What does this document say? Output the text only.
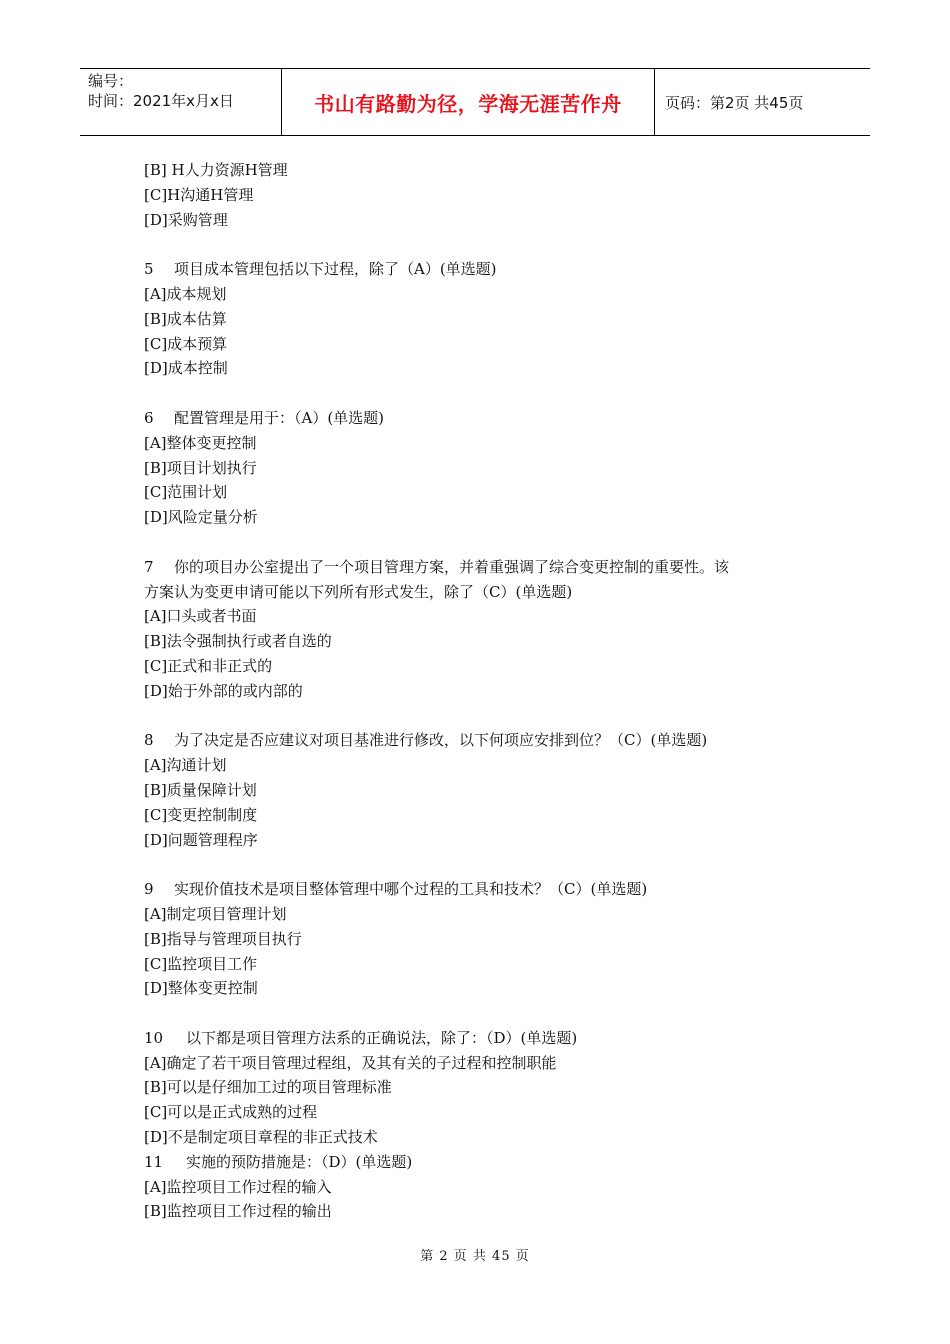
编号：
时间：2021年x月x日	书山有路勤为径，学海无涯苦作舟	页码：第2页 共45页
[B] H人力资源H管理
[C]H沟通H管理
[D]采购管理
5 项目成本管理包括以下过程，除了（A）(单选题)
[A]成本规划
[B]成本估算
[C]成本预算
[D]成本控制
6 配置管理是用于：（A）(单选题)
[A]整体变更控制
[B]项目计划执行
[C]范围计划
[D]风险定量分析
7 你的项目办公室提出了一个项目管理方案，并着重强调了综合变更控制的重要性。该
方案认为变更申请可能以下列所有形式发生，除了（C）(单选题)
[A]口头或者书面
[B]法令强制执行或者自选的
[C]正式和非正式的
[D]始于外部的或内部的
8 为了决定是否应建议对项目基准进行修改，以下何项应安排到位？（C）(单选题)
[A]沟通计划
[B]质量保障计划
[C]变更控制制度
[D]问题管理程序
9 实现价值技术是项目整体管理中哪个过程的工具和技术？（C）(单选题)
[A]制定项目管理计划
[B]指导与管理项目执行
[C]监控项目工作
[D]整体变更控制
10 以下都是项目管理方法系的正确说法，除了：（D）(单选题)
[A]确定了若干项目管理过程组，及其有关的子过程和控制职能
[B]可以是仔细加工过的项目管理标准
[C]可以是正式成熟的过程
[D]不是制定项目章程的非正式技术
11 实施的预防措施是：（D）(单选题)
[A]监控项目工作过程的输入
[B]监控项目工作过程的输出
第 2 页 共 45 页
